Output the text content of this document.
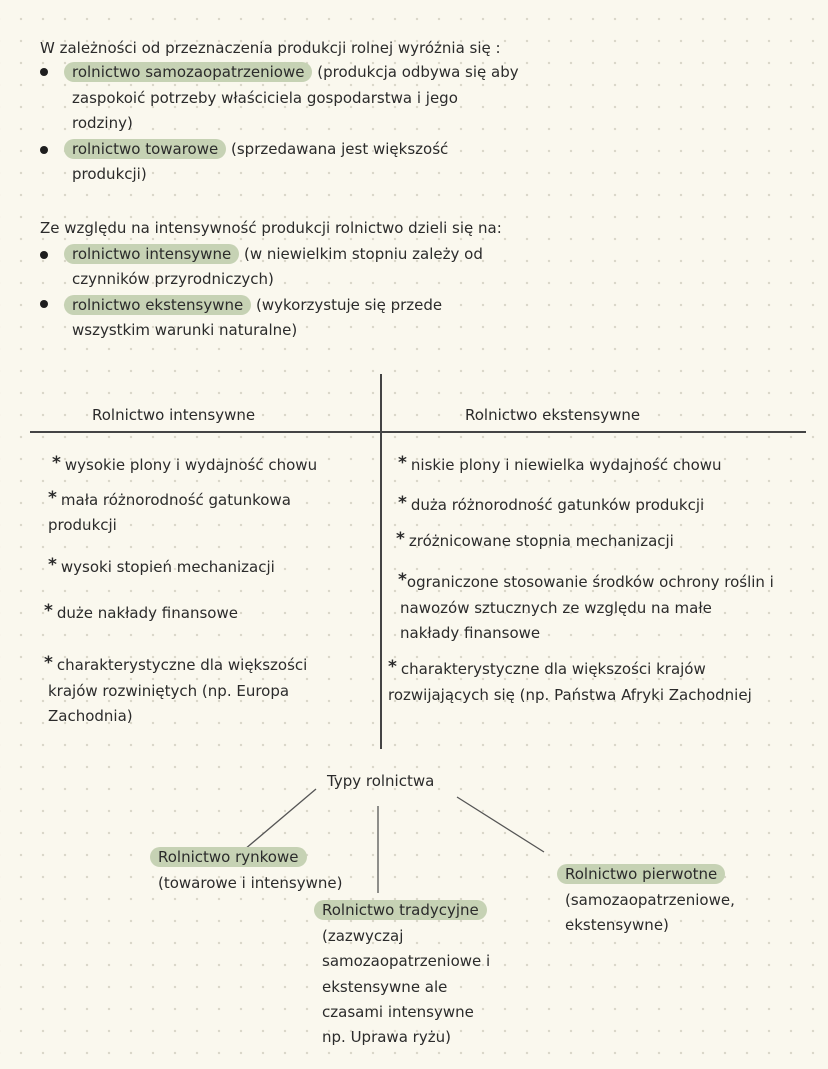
W zależności od przeznaczenia produkcji rolnej wyróżnia się :
rolnictwo samozaopatrzeniowe (produkcja odbywa się aby
zaspokoić potrzeby właściciela gospodarstwa i jego
rodziny)
rolnictwo towarowe (sprzedawana jest większość
produkcji)
Ze względu na intensywność produkcji rolnictwo dzieli się na:
rolnictwo intensywne (w niewielkim stopniu zależy od
czynników przyrodniczych)
rolnictwo ekstensywne (wykorzystuje się przede
wszystkim warunki naturalne)
Rolnictwo intensywne	Rolnictwo ekstensywne
* wysokie plony i wydajność chowu
* mała różnorodność gatunkowa
produkcji
* wysoki stopień mechanizacji
* duże nakłady finansowe
* charakterystyczne dla większości
krajów rozwiniętych (np. Europa
Zachodnia)
* niskie plony i niewielka wydajność chowu
* duża różnorodność gatunków produkcji
* zróżnicowane stopnia mechanizacji
*ograniczone stosowanie środków ochrony roślin i
nawozów sztucznych ze względu na małe
nakłady finansowe
* charakterystyczne dla większości krajów
rozwijających się (np. Państwa Afryki Zachodniej
Typy rolnictwa
Rolnictwo rynkowe
(towarowe i intensywne)
Rolnictwo tradycyjne
(zazwyczaj
samozaopatrzeniowe i
ekstensywne ale
czasami intensywne
np. Uprawa ryżu)
Rolnictwo pierwotne
(samozaopatrzeniowe,
ekstensywne)
